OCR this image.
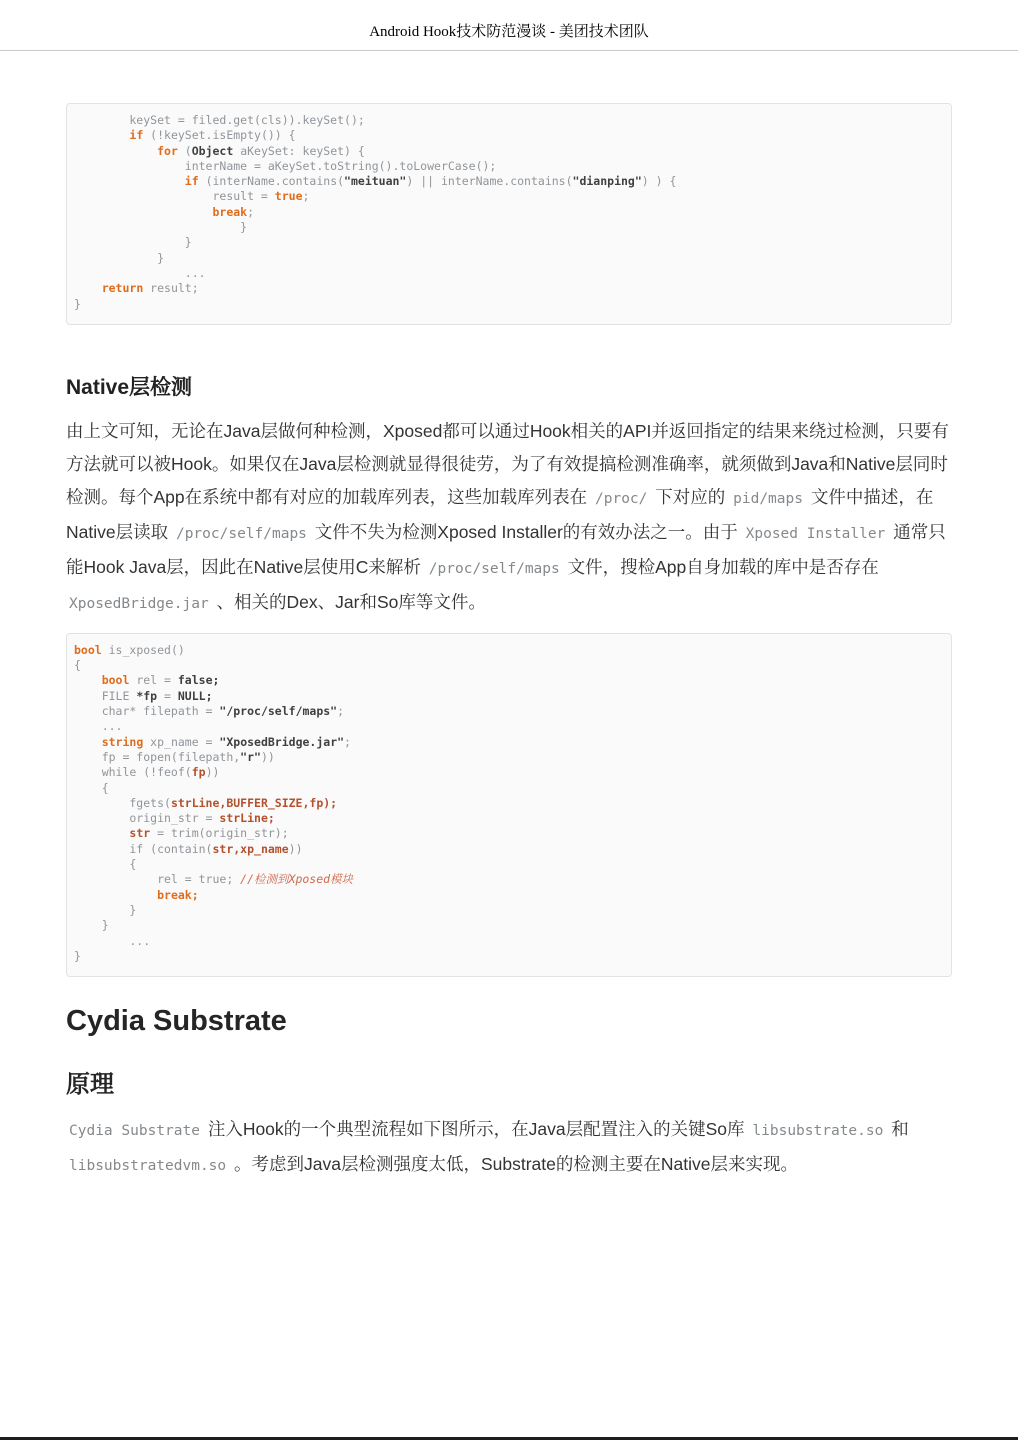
Android Hook技术防范漫谈 - 美团技术团队
keySet = filed.get(cls)).keySet();
if (!keySet.isEmpty()) {
for (Object aKeySet: keySet) {
interName = aKeySet.toString().toLowerCase();
if (interName.contains("meituan") || interName.contains("dianping") ) {
result = true;
break;
}
}
}
...
return result;
}
Native层检测

由上文可知，无论在Java层做何种检测，Xposed都可以通过Hook相关的API并返回指定的结果来绕过检测，只要有方法就可以被Hook。如果仅在Java层检测就显得很徒劳，为了有效提搞检测准确率，就须做到Java和Native层同时检测。每个App在系统中都有对应的加载库列表，这些加载库列表在 /proc/ 下对应的 pid/maps 文件中描述，在Native层读取 /proc/self/maps 文件不失为检测Xposed Installer的有效办法之一。由于 Xposed Installer 通常只能Hook Java层，因此在Native层使用C来解析 /proc/self/maps 文件，搜检App自身加载的库中是否存在 XposedBridge.jar 、相关的Dex、Jar和So库等文件。

bool is_xposed()
{
bool rel = false;
FILE *fp = NULL;
char* filepath = "/proc/self/maps";
...
string xp_name = "XposedBridge.jar";
fp = fopen(filepath,"r"))
while (!feof(fp))
{
fgets(strLine,BUFFER_SIZE,fp);
origin_str = strLine;
str = trim(origin_str);
if (contain(str,xp_name))
{
rel = true; //检测到Xposed模块
break;
}
}
...
}
Cydia Substrate
原理

Cydia Substrate 注入Hook的一个典型流程如下图所示，在Java层配置注入的关键So库 libsubstrate.so 和 libsubstratedvm.so 。考虑到Java层检测强度太低，Substrate的检测主要在Native层来实现。
